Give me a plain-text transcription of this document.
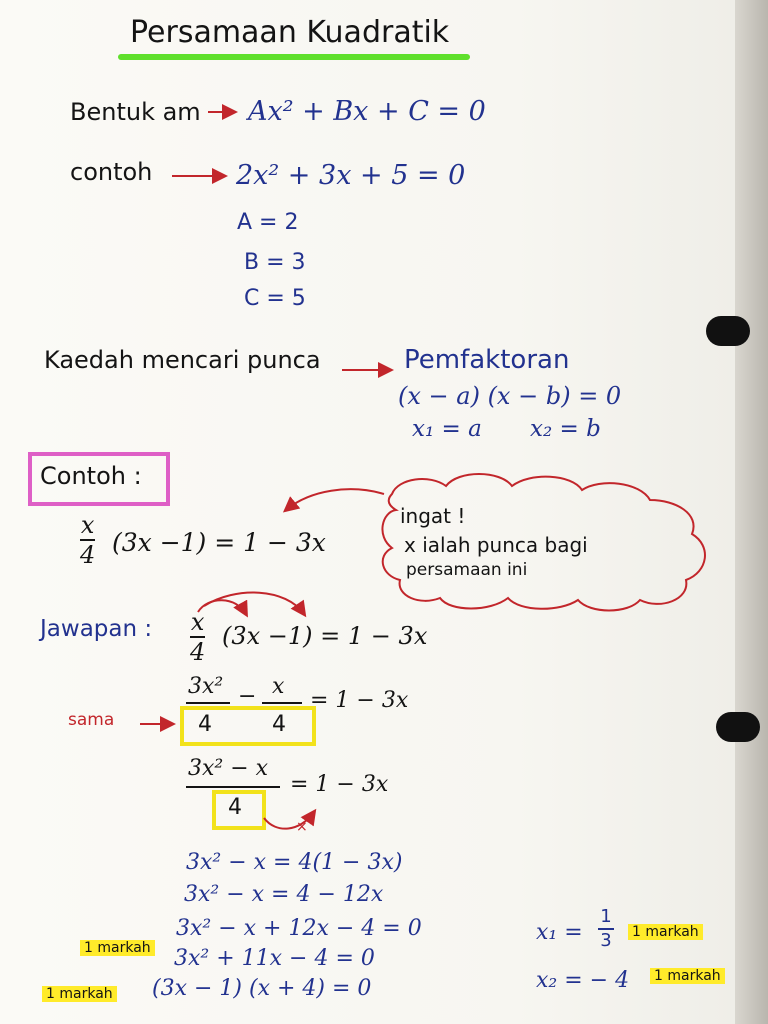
Persamaan Kuadratik
Bentuk am Ax² + Bx + C = 0
contoh	2x² + 3x + 5 = 0
A = 2
B = 3
C = 5
Kaedah mencari punca	Pemfaktoran
(x − a) (x − b) = 0
x₁ = a x₂ = b
Contoh :
x
4 (3x −1) = 1 − 3x
ingat !
x ialah punca bagi
persamaan ini
Jawapan : x
4
(3x −1) = 1 − 3x
sama
3x² − x
= 1 − 3x
4	4
3x² − x
= 1 − 3x
4
×
3x² − x = 4(1 − 3x)
3x² − x = 4 − 12x
3x² − x + 12x − 4 = 0
1 markah 3x² + 11x − 4 = 0
1 markah (3x − 1) (x + 4) = 0
x₁ =
1
3 1 markah
x₂ = − 4 1 markah
